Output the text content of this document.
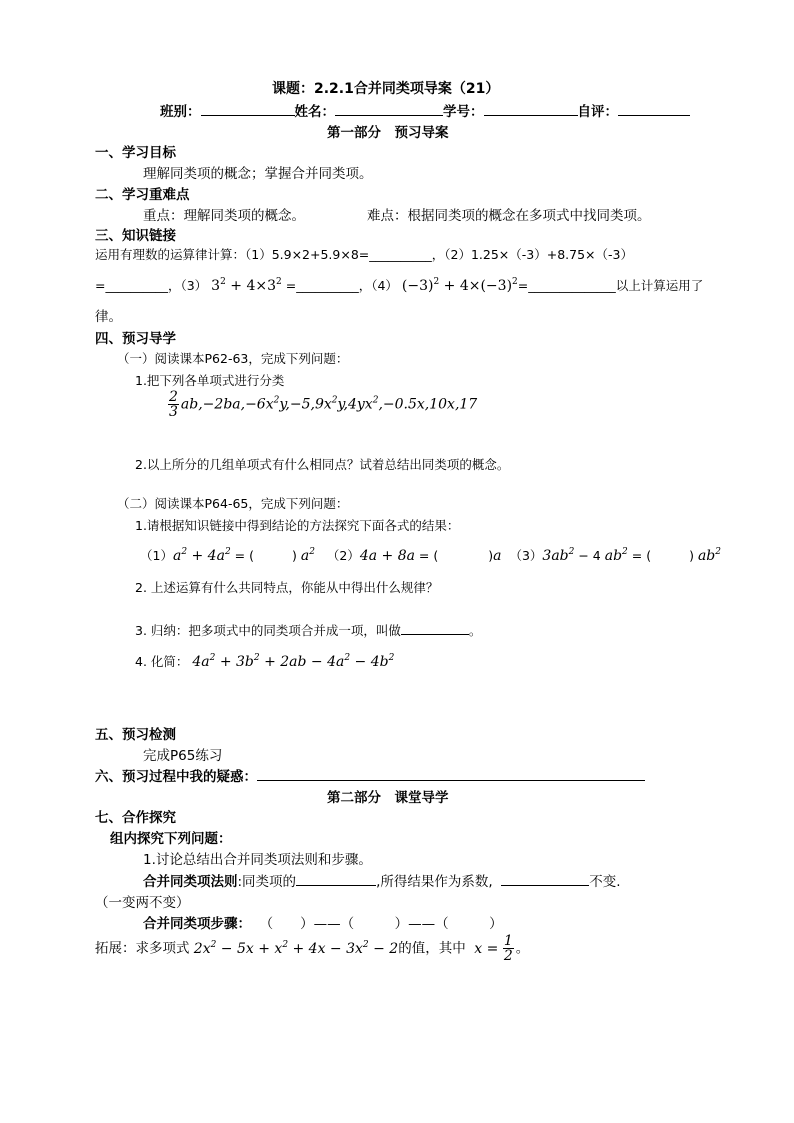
课题：2.2.1合并同类项导案（21）
班别：	姓名：	学号：	自评：
第一部分　预习导案
一、学习目标
理解同类项的概念；掌握合并同类项。
二、学习重难点
重点：理解同类项的概念。	难点：根据同类项的概念在多项式中找同类项。
三、知识链接
运用有理数的运算律计算：（1）5.9×2+5.9×8=__________，（2）1.25×（-3）+8.75×（-3）
=__________，（3） $3^2 + 4\times 3^2$ =__________，（4） $(-3)^2$ + $4\times(-3)^2=\_\_\_\_\_\_\_\_\_\_\_\_\_\_$以上计算运用了
律。
四、预习导学
（一）阅读课本P62-63，完成下列问题：
1.把下列各单项式进行分类
$\frac{2}{3} ab,-2ba,-6x^2y,-5,9x^2y,4yx^2,-0.5x,10x,17$
2.以上所分的几组单项式有什么相同点？试着总结出同类项的概念。
（二）阅读课本P64-65，完成下列问题：
1.请根据知识链接中得到结论的方法探究下面各式的结果：
$(1)a^2 + 4a^2$ = (	) $a^2$   （2）4a + 8a = (	)a  $(3)3ab^2 - 4$ $ab^2$ = (	) $ab^2$
2. 上述运算有什么共同特点，你能从中得出什么规律？
3. 归纳：把多项式中的同类项合并成一项，叫做	。
4. 化简： $4a^2 + 3b^2 + 2ab - 4a^2 - 4b^2$
五、预习检测
完成P65练习
六、预习过程中我的疑惑：
第二部分　课堂导学
七、合作探究
组内探究下列问题：
1.讨论总结出合并同类项法则和步骤。
合并同类项法则:同类项的	,所得结果作为系数,	不变.
（一变两不变）
合并同类项步骤： （　　）——（　　　）——（　　　）
拓展：求多项式 $2x^2 - 5x + x^2 + 4x - 3x^2 - 2$的值，其中 $x = \frac{1}{2}$ 。
